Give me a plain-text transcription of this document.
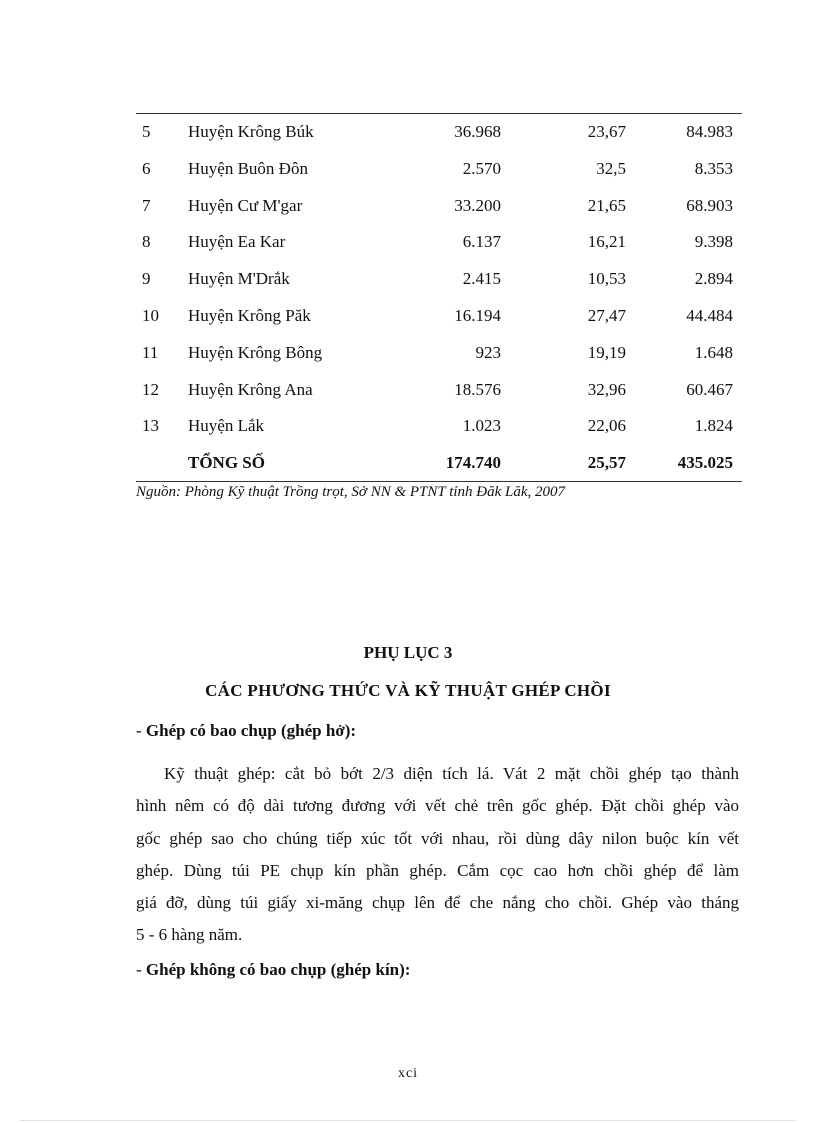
5 Huyện Krông Búk	36.968	23,67	84.983
6 Huyện Buôn Đôn	2.570	32,5	8.353
7 Huyện Cư M'gar	33.200	21,65	68.903
8 Huyện Ea Kar	6.137	16,21	9.398
9 Huyện M'Drắk	2.415	10,53	2.894
10 Huyện Krông Păk	16.194	27,47	44.484
11 Huyện Krông Bông	923	19,19	1.648
12 Huyện Krông Ana	18.576	32,96	60.467
13 Huyện Lắk	1.023	22,06	1.824
TỔNG SỐ	174.740	25,57	435.025
Nguồn: Phòng Kỹ thuật Trồng trọt, Sở NN & PTNT tỉnh Đăk Lăk, 2007
PHỤ LỤC 3
CÁC PHƯƠNG THỨC VÀ KỸ THUẬT GHÉP CHỒI
- Ghép có bao chụp (ghép hở):
Kỹ thuật ghép: cắt bỏ bớt 2/3 diện tích lá. Vát 2 mặt chồi ghép tạo thành
hình nêm có độ dài tương đương với vết chẻ trên gốc ghép. Đặt chồi ghép vào
gốc ghép sao cho chúng tiếp xúc tốt với nhau, rồi dùng dây nilon buộc kín vết
ghép. Dùng túi PE chụp kín phần ghép. Cắm cọc cao hơn chồi ghép để làm
giá đỡ, dùng túi giấy xi-măng chụp lên để che nắng cho chồi. Ghép vào tháng
5 - 6 hàng năm.
- Ghép không có bao chụp (ghép kín):
xci
